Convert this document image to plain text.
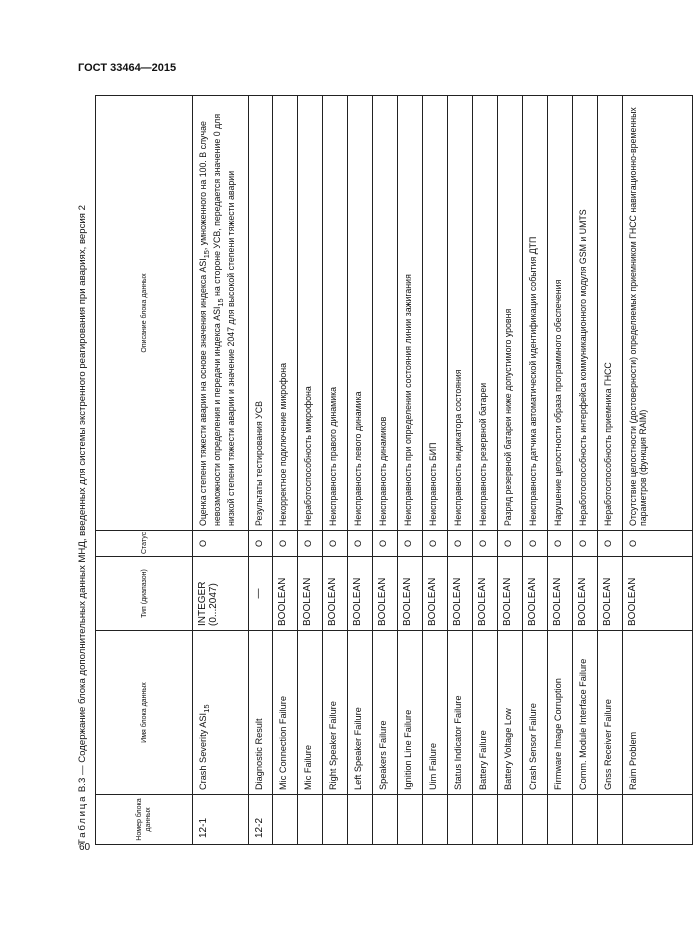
ГОСТ 33464—2015
60
Таблица В.3 — Содержание блока дополнительных данных МНД, введенных для системы экстренного реагирования при авариях, версия 2
Номер блока данных	Имя блока данных	Тип (диапазон)	Статус	Описание блока данных
12-1	Crash Severity $ASI_{15}$	INTEGER (0...2047)	O	Оценка степени тяжести аварии на основе значения индекса $ASI_{15}$, умноженного на 100. В случае невозможности определения и передачи индекса $ASI_{15}$ на стороне УСВ, передается значение 0 для низкой степени тяжести аварии и значение 2047 для высокой степени тяжести аварии
12-2	Diagnostic Result	—	O	Результаты тестирования УСВ
	Mic Connection Failure	BOOLEAN	O	Некорректное подключение микрофона
	Mic Failure	BOOLEAN	O	Неработоспособность микрофона
	Right Speaker Failure	BOOLEAN	O	Неисправность правого динамика
	Left Speaker Failure	BOOLEAN	O	Неисправность левого динамика
	Speakers Failure	BOOLEAN	O	Неисправность динамиков
	Ignition Line Failure	BOOLEAN	O	Неисправность при определении состояния линии зажигания
	Uim Failure	BOOLEAN	O	Неисправность БИП
	Status Indicator Failure	BOOLEAN	O	Неисправность индикатора состояния
	Battery Failure	BOOLEAN	O	Неисправность резервной батареи
	Battery Voltage Low	BOOLEAN	O	Разряд резервной батареи ниже допустимого уровня
	Crash Sensor Failure	BOOLEAN	O	Неисправность датчика автоматической идентификации события ДТП
	Firmware Image Corruption	BOOLEAN	O	Нарушение целостности образа программного обеспечения
	Comm. Module Interface Failure	BOOLEAN	O	Неработоспособность интерфейса коммуникационного модуля GSM и UMTS
	Gnss Receiver Failure	BOOLEAN	O	Неработоспособность приемника ГНСС
	Raim Problem	BOOLEAN	O	Отсутствие целостности (достоверности) определяемых приемником ГНСС навигационно-временных параметров (функция RAIM)
